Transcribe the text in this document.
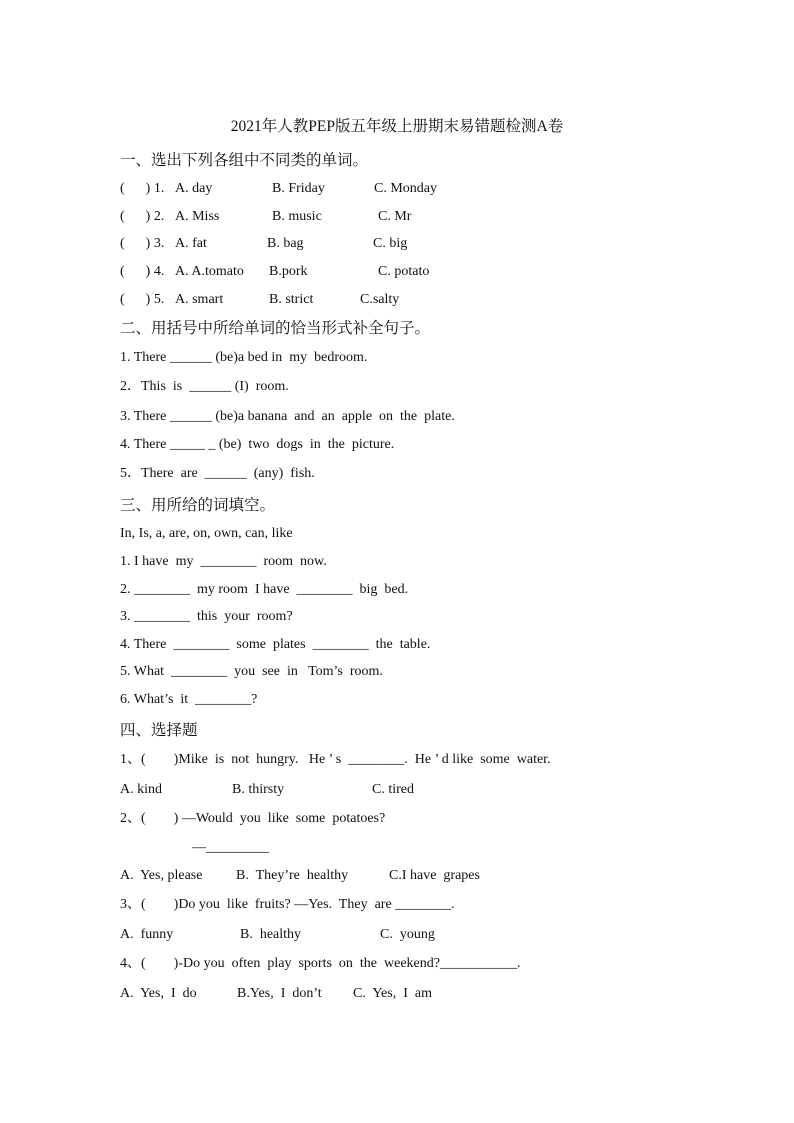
2021年人教PEP版五年级上册期末易错题检测A卷
一、选出下列各组中不同类的单词。
(      ) 1. A. day	B. Friday	C. Monday
(      ) 2. A. Miss	B. music	C. Mr
(      ) 3. A. fat	B. bag	C. big
(      ) 4. A. A.tomato B.pork	C. potato
(      ) 5. A. smart	B. strict	C.salty
二、用括号中所给单词的恰当形式补全句子。
1. There ______ (be)a bed in  my  bedroom.
2．This  is  ______ (I)  room.
3. There ______ (be)a banana  and  an  apple  on  the  plate.
4. There _____ _ (be)  two  dogs  in  the  picture.
5．There  are  ______  (any)  fish.
三、用所给的词填空。
In, Is, a, are, on, own, can, like
1. I have  my  ________  room  now.
2. ________  my room  I have  ________  big  bed.
3. ________  this  your  room?
4. There  ________  some  plates  ________  the  table.
5. What  ________  you  see  in   Tom’s  room.
6. What’s  it  ________?
四、选择题
1、(        )Mike  is  not  hungry.   He ’ s  ________.  He ’ d like  some  water.
A. kind	B. thirsty	C. tired
2、(        ) —Would  you  like  some  potatoes?
—_________
A.  Yes, please B.  They’re  healthy	C.I have  grapes
3、(        )Do you  like  fruits? —Yes.  They  are ________.
A.  funny	B.  healthy	C.  young
4、(        )-Do you  often  play  sports  on  the  weekend?___________.
A.  Yes,  I  do	B.Yes,  I  don’t C.  Yes,  I  am
